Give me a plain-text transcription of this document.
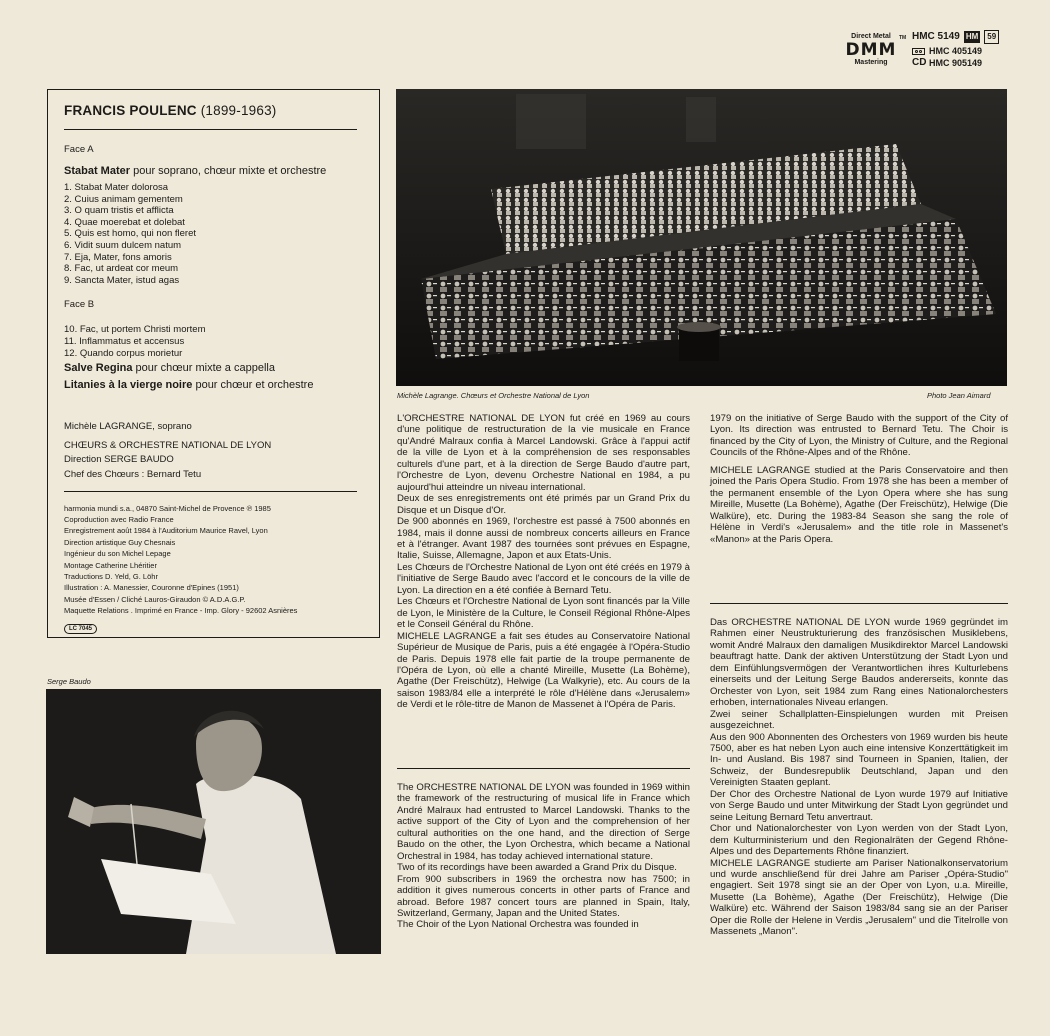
Direct Metal
DMM
Mastering
TM HMC 5149 HM	59
HMC 405149
CD HMC 905149
FRANCIS POULENC (1899-1963)
Face A
Stabat Mater pour soprano, chœur mixte et orchestre
1. Stabat Mater dolorosa
2. Cuius animam gementem
3. O quam tristis et afflicta
4. Quae moerebat et dolebat
5. Quis est homo, qui non fleret
6. Vidit suum dulcem natum
7. Eja, Mater, fons amoris
8. Fac, ut ardeat cor meum
9. Sancta Mater, istud agas
Face B
10. Fac, ut portem Christi mortem
11. Inflammatus et accensus
12. Quando corpus morietur
Salve Regina pour chœur mixte a cappella
Litanies à la vierge noire pour chœur et orchestre
Michèle LAGRANGE, soprano
CHŒURS & ORCHESTRE NATIONAL DE LYON
Direction SERGE BAUDO
Chef des Chœurs : Bernard Tetu
harmonia mundi s.a., 04870 Saint-Michel de Provence ℗ 1985
Coproduction avec Radio France
Enregistrement août 1984 à l'Auditorium Maurice Ravel, Lyon
Direction artistique Guy Chesnais
Ingénieur du son Michel Lepage
Montage Catherine Lhéritier
Traductions D. Yeld, G. Löhr
Illustration : A. Manessier, Couronne d'Epines (1951)
Musée d'Essen / Cliché Lauros-Giraudon © A.D.A.G.P.
Maquette Relations . Imprimé en France - Imp. Glory - 92602 Asnières
LC 7045
Michèle Lagrange. Chœurs et Orchestre National de Lyon	Photo Jean Aimard
Serge Baudo

L'ORCHESTRE NATIONAL DE LYON fut créé en 1969 au cours d'une politique de restructuration de la vie musicale en France qu'André Malraux confia à Marcel Landowski. Grâce à l'appui actif de la ville de Lyon et à la compréhension de ses responsables culturels d'une part, et à la direction de Serge Baudo d'autre part, l'Orchestre de Lyon, devenu Orchestre National en 1984, a pu aujourd'hui atteindre un niveau international.

Deux de ses enregistrements ont été primés par un Grand Prix du Disque et un Disque d'Or.

De 900 abonnés en 1969, l'orchestre est passé à 7500 abonnés en 1984, mais il donne aussi de nombreux concerts ailleurs en France et à l'étranger. Avant 1987 des tournées sont prévues en Espagne, Italie, Suisse, Allemagne, Japon et aux Etats-Unis.

Les Chœurs de l'Orchestre National de Lyon ont été créés en 1979 à l'initiative de Serge Baudo avec l'accord et le concours de la ville de Lyon. La direction en a été confiée à Bernard Tetu.

Les Chœurs et l'Orchestre National de Lyon sont financés par la Ville de Lyon, le Ministère de la Culture, le Conseil Régional Rhône-Alpes et le Conseil Général du Rhône.

MICHELE LAGRANGE a fait ses études au Conservatoire National Supérieur de Musique de Paris, puis a été engagée à l'Opéra-Studio de Paris. Depuis 1978 elle fait partie de la troupe permanente de l'Opéra de Lyon, où elle a chanté Mireille, Musette (La Bohème), Agathe (Der Freischütz), Helwige (La Walkyrie), etc. Au cours de la saison 1983/84 elle a interprété le rôle d'Hélène dans «Jerusalem» de Verdi et le rôle-titre de Manon de Massenet à l'Opéra de Paris.

The ORCHESTRE NATIONAL DE LYON was founded in 1969 within the framework of the restructuring of musical life in France which André Malraux had entrusted to Marcel Landowski. Thanks to the active support of the City of Lyon and the comprehension of her cultural authorities on the one hand, and the direction of Serge Baudo on the other, the Lyon Orchestra, which became a National Orchestral in 1984, has today achieved international stature.

Two of its recordings have been awarded a Grand Prix du Disque.

From 900 subscribers in 1969 the orchestra now has 7500; in addition it gives numerous concerts in other parts of France and abroad. Before 1987 concert tours are planned in Spain, Italy, Switzerland, Germany, Japan and the United States.

The Choir of the Lyon National Orchestra was founded in

1979 on the initiative of Serge Baudo with the support of the City of Lyon. Its direction was entrusted to Bernard Tetu. The Choir is financed by the City of Lyon, the Ministry of Culture, and the Regional Councils of the Rhône-Alpes and of the Rhône.

MICHELE LAGRANGE studied at the Paris Conservatoire and then joined the Paris Opera Studio. From 1978 she has been a member of the permanent ensemble of the Lyon Opera where she has sung Mireille, Musette (La Bohème), Agathe (Der Freischütz), Helwige (Die Walküre), etc. During the 1983-84 Season she sang the role of Hélène in Verdi's «Jerusalem» and the title role in Massenet's «Manon» at the Paris Opera.

Das ORCHESTRE NATIONAL DE LYON wurde 1969 gegründet im Rahmen einer Neustrukturierung des französischen Musiklebens, womit André Malraux den damaligen Musikdirektor Marcel Landowski beauftragt hatte. Dank der aktiven Unterstützung der Stadt Lyon und dem Einfühlungsvermögen der Verantwortlichen ihres Kulturlebens einerseits und der Leitung Serge Baudos andererseits, konnte das Orchester von Lyon, seit 1984 zum Rang eines Nationalorchesters erhoben, internationales Niveau erlangen.

Zwei seiner Schallplatten-Einspielungen wurden mit Preisen ausgezeichnet.

Aus den 900 Abonnenten des Orchesters von 1969 wurden bis heute 7500, aber es hat neben Lyon auch eine intensive Konzerttätigkeit im In- und Ausland. Bis 1987 sind Tourneen in Spanien, Italien, der Schweiz, der Bundesrepublik Deutschland, Japan und den Vereinigten Staaten geplant.

Der Chor des Orchestre National de Lyon wurde 1979 auf Initiative von Serge Baudo und unter Mitwirkung der Stadt Lyon gegründet und seine Leitung Bernard Tetu anvertraut.

Chor und Nationalorchester von Lyon werden von der Stadt Lyon, dem Kulturministerium und den Regionalräten der Gegend Rhône-Alpes und des Departements Rhône finanziert.

MICHELE LAGRANGE studierte am Pariser Nationalkonservatorium und wurde anschließend für drei Jahre am Pariser „Opéra-Studio" engagiert. Seit 1978 singt sie an der Oper von Lyon, u.a. Mireille, Musette (La Bohème), Agathe (Der Freischütz), Helwige (Die Walküre) etc. Während der Saison 1983/84 sang sie an der Pariser Oper die Rolle der Helene in Verdis „Jerusalem" und die Titelrolle von Massenets „Manon".
